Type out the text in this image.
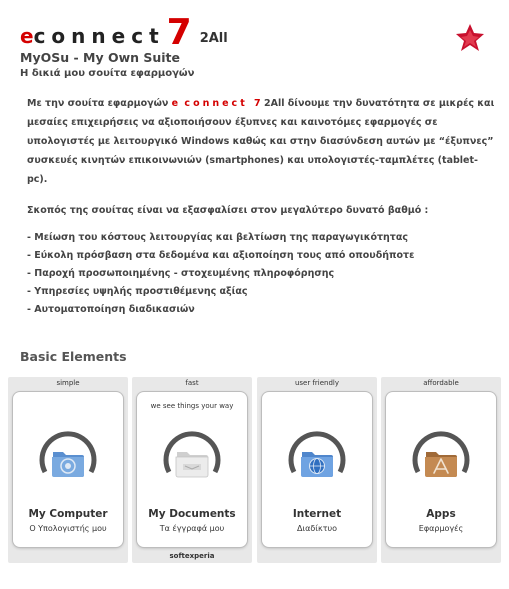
e connect 7 2All
MyOSu - My Own Suite
Η δικιά μου σουίτα εφαρμογών
Με την σουίτα εφαρμογών e connect 7 2All δίνουμε την δυνατότητα σε μικρές και μεσαίες επιχειρήσεις να αξιοποιήσουν έξυπνες και καινοτόμες εφαρμογές σε υπολογιστές με λειτουργικό Windows καθώς και στην διασύνδεση αυτών με “έξυπνες” συσκευές κινητών επικοινωνιών (smartphones) και υπολογιστές-ταμπλέτες (tablet-pc).
Σκοπός της σουίτας είναι να εξασφαλίσει στον μεγαλύτερο δυνατό βαθμό :
- Μείωση του κόστους λειτουργίας και βελτίωση της παραγωγικότητας
- Εύκολη πρόσβαση στα δεδομένα και αξιοποίηση τους από οπουδήποτε
- Παροχή προσωποιημένης - στοχευμένης πληροφόρησης
- Υπηρεσίες υψηλής προστιθέμενης αξίας
- Αυτοματοποίηση διαδικασιών
Basic Elements
simple
My Computer
Ο Υπολογιστής μου
fast
we see things your way
My Documents
Τα έγγραφά μου
softexperia
user friendly
Internet
Διαδίκτυο
affordable
Apps
Εφαρμογές
